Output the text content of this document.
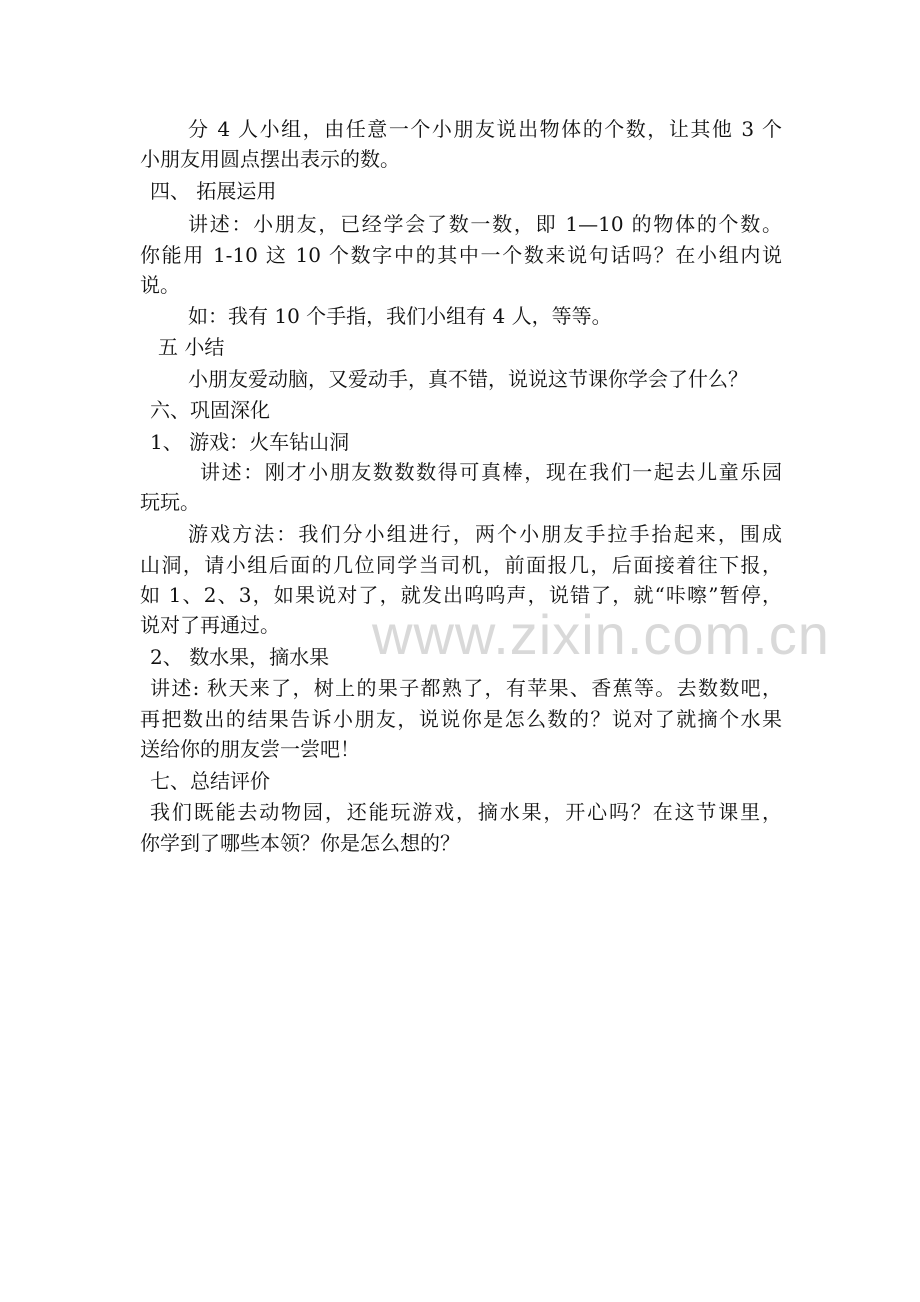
www.zixin.com.cn
分 4 人小组，由任意一个小朋友说出物体的个数，让其他 3 个
小朋友用圆点摆出表示的数。
四、 拓展运用
讲述：小朋友，已经学会了数一数，即 1—10 的物体的个数。
你能用 1-10 这 10 个数字中的其中一个数来说句话吗？在小组内说
说。
如：我有 10 个手指，我们小组有 4 人，等等。
五 小结
小朋友爱动脑，又爱动手，真不错，说说这节课你学会了什么？
六、巩固深化
1、 游戏：火车钻山洞
讲述：刚才小朋友数数数得可真棒，现在我们一起去儿童乐园
玩玩。
游戏方法：我们分小组进行，两个小朋友手拉手抬起来，围成
山洞，请小组后面的几位同学当司机，前面报几，后面接着往下报，
如 1、2、3，如果说对了，就发出呜呜声，说错了，就“咔嚓”暂停，
说对了再通过。
2、 数水果，摘水果
讲述: 秋天来了，树上的果子都熟了，有苹果、香蕉等。去数数吧，
再把数出的结果告诉小朋友，说说你是怎么数的？说对了就摘个水果
送给你的朋友尝一尝吧！
七、总结评价
我们既能去动物园，还能玩游戏，摘水果，开心吗？在这节课里，
你学到了哪些本领？你是怎么想的？
